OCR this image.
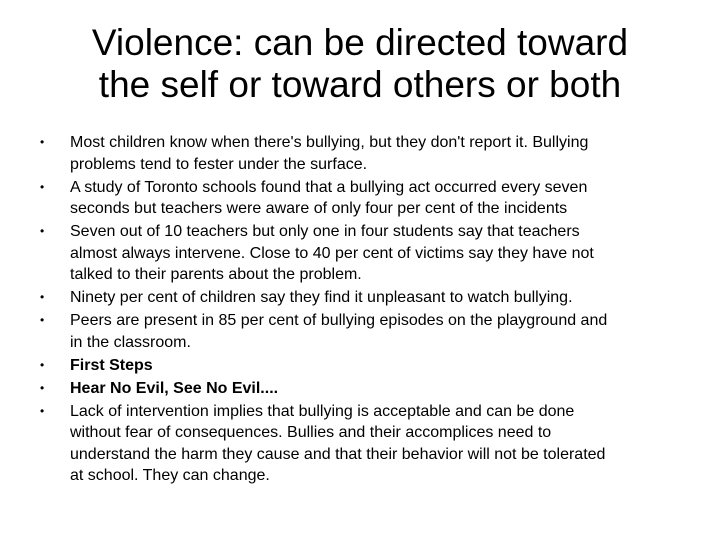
Violence: can be directed toward
the self or toward others or both
• Most children know when there's bullying, but they don't report it. Bullying
problems tend to fester under the surface.
• A study of Toronto schools found that a bullying act occurred every seven
seconds but teachers were aware of only four per cent of the incidents
• Seven out of 10 teachers but only one in four students say that teachers
almost always intervene. Close to 40 per cent of victims say they have not
talked to their parents about the problem.
• Ninety per cent of children say they find it unpleasant to watch bullying.
• Peers are present in 85 per cent of bullying episodes on the playground and
in the classroom.
• First Steps
• Hear No Evil, See No Evil....
• Lack of intervention implies that bullying is acceptable and can be done
without fear of consequences. Bullies and their accomplices need to
understand the harm they cause and that their behavior will not be tolerated
at school. They can change.
